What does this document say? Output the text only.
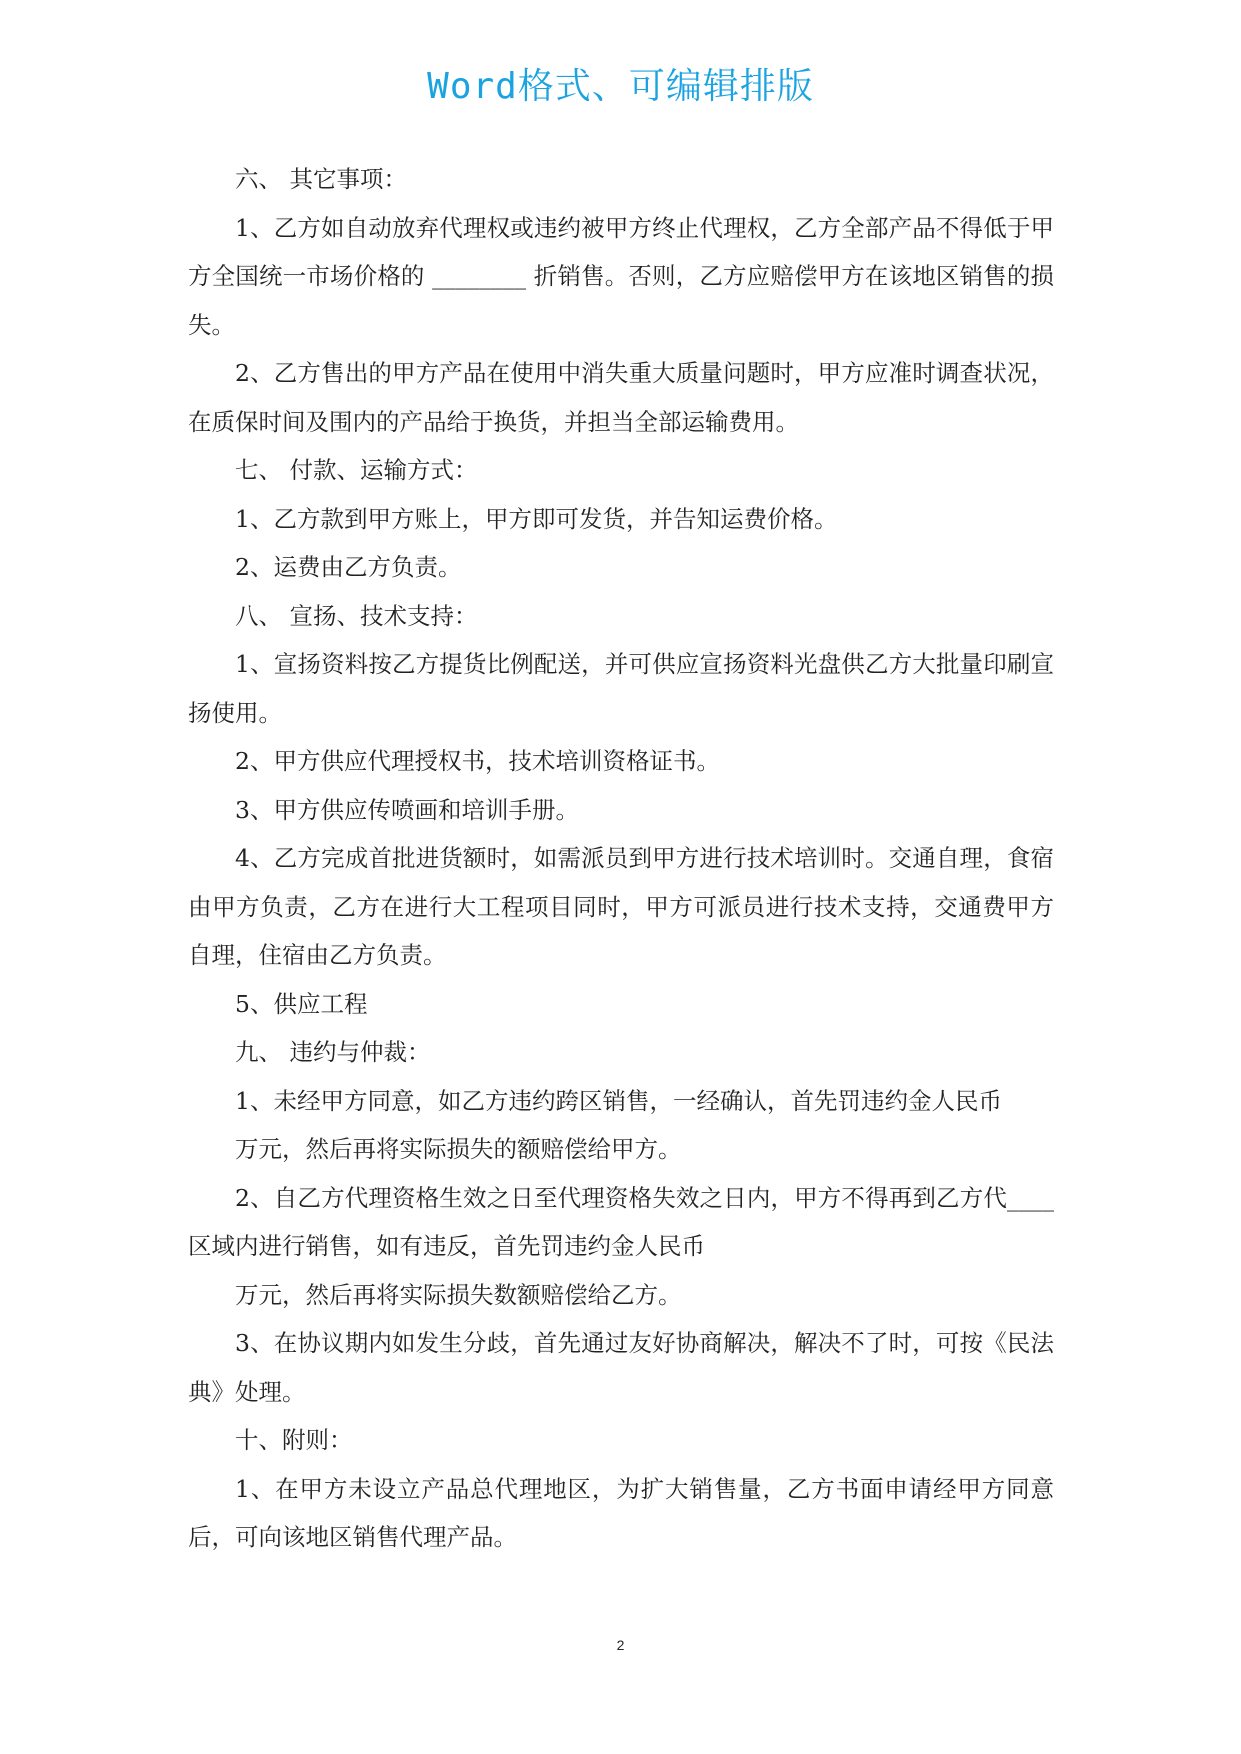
Word格式、可编辑排版

六、 其它事项：

1、乙方如自动放弃代理权或违约被甲方终止代理权，乙方全部产品不得低于甲方全国统一市场价格的 ________ 折销售。否则，乙方应赔偿甲方在该地区销售的损失。

2、乙方售出的甲方产品在使用中消失重大质量问题时，甲方应准时调查状况，在质保时间及围内的产品给于换货，并担当全部运输费用。

七、 付款、运输方式：

1、乙方款到甲方账上，甲方即可发货，并告知运费价格。

2、运费由乙方负责。

八、 宣扬、技术支持：

1、宣扬资料按乙方提货比例配送，并可供应宣扬资料光盘供乙方大批量印刷宣扬使用。

2、甲方供应代理授权书，技术培训资格证书。

3、甲方供应传喷画和培训手册。

4、乙方完成首批进货额时，如需派员到甲方进行技术培训时。交通自理，食宿由甲方负责，乙方在进行大工程项目同时，甲方可派员进行技术支持，交通费甲方自理，住宿由乙方负责。

5、供应工程

九、 违约与仲裁：

1、未经甲方同意，如乙方违约跨区销售，一经确认，首先罚违约金人民币

万元，然后再将实际损失的额赔偿给甲方。

2、自乙方代理资格生效之日至代理资格失效之日内，甲方不得再到乙方代____区域内进行销售，如有违反，首先罚违约金人民币

万元，然后再将实际损失数额赔偿给乙方。

3、在协议期内如发生分歧，首先通过友好协商解决，解决不了时，可按《民法典》处理。

十、附则：

1、在甲方未设立产品总代理地区，为扩大销售量，乙方书面申请经甲方同意后，可向该地区销售代理产品。

2
